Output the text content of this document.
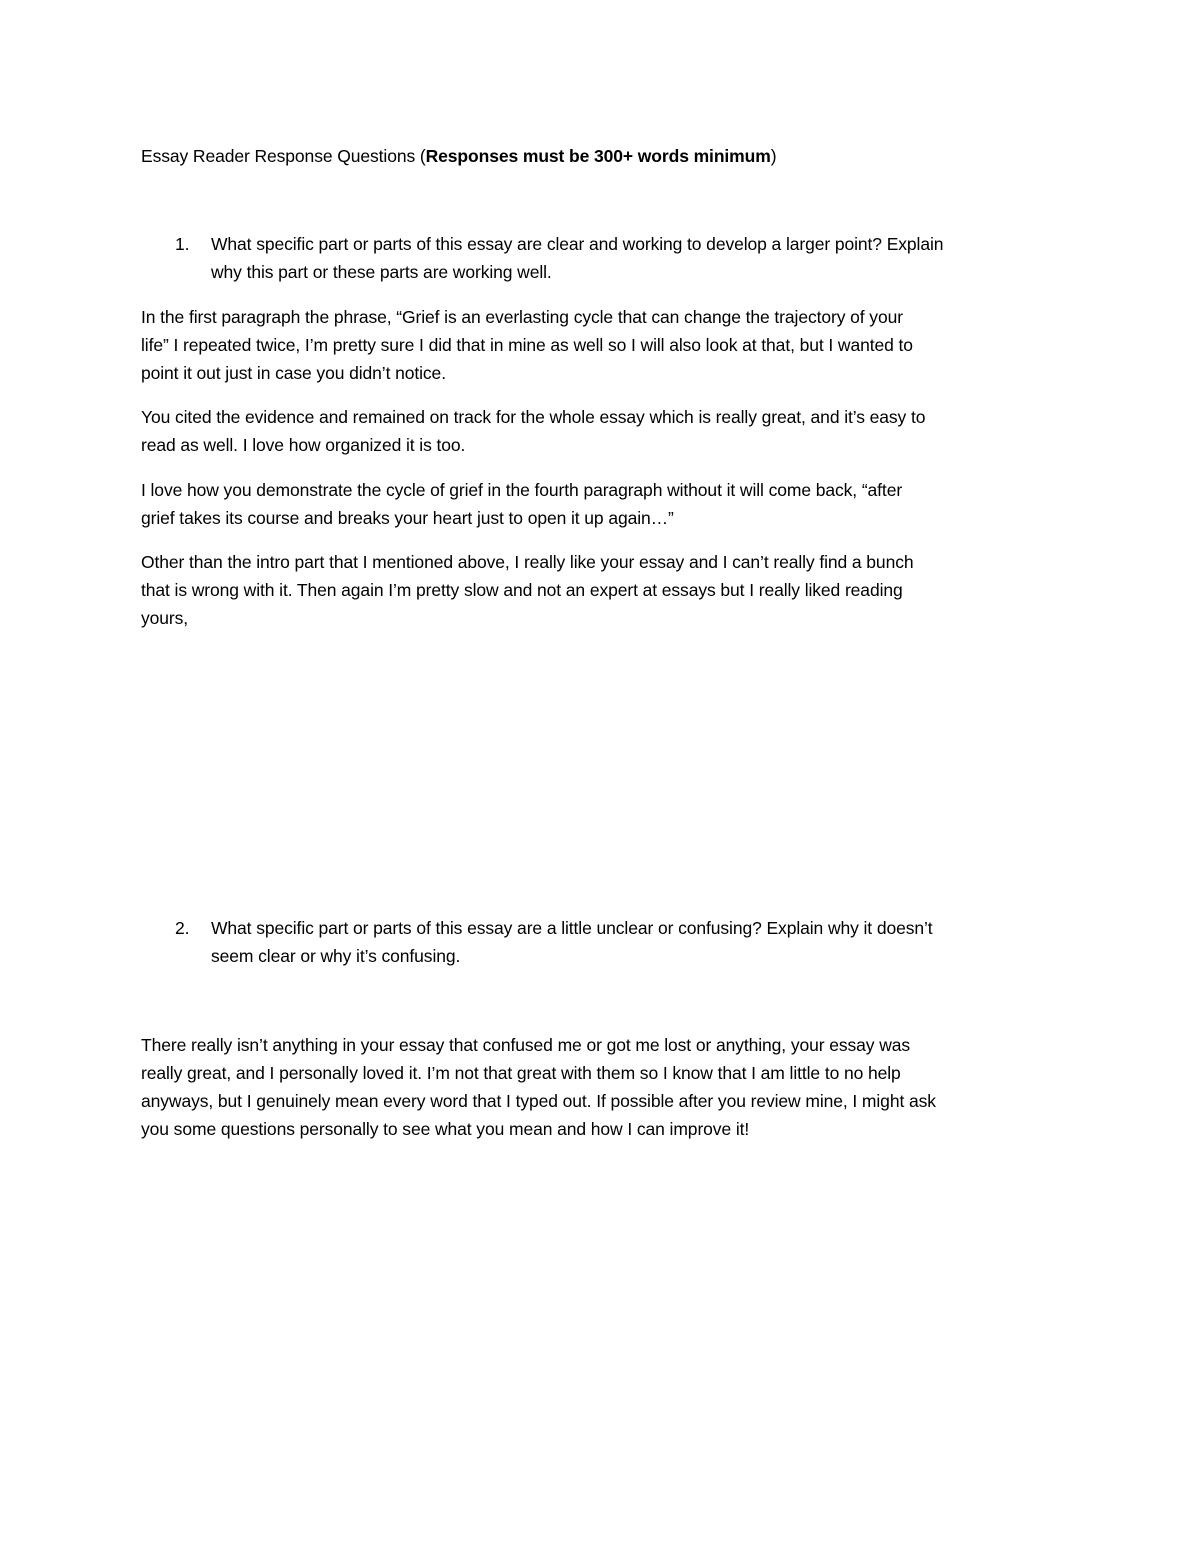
Essay Reader Response Questions (Responses must be 300+ words minimum)
1.	What specific part or parts of this essay are clear and working to develop a larger point? Explain
why this part or these parts are working well.
In the first paragraph the phrase, “Grief is an everlasting cycle that can change the trajectory of your
life” I repeated twice, I’m pretty sure I did that in mine as well so I will also look at that, but I wanted to
point it out just in case you didn’t notice.
You cited the evidence and remained on track for the whole essay which is really great, and it’s easy to
read as well. I love how organized it is too.
I love how you demonstrate the cycle of grief in the fourth paragraph without it will come back, “after
grief takes its course and breaks your heart just to open it up again…”
Other than the intro part that I mentioned above, I really like your essay and I can’t really find a bunch
that is wrong with it. Then again I’m pretty slow and not an expert at essays but I really liked reading
yours,
2.	What specific part or parts of this essay are a little unclear or confusing? Explain why it doesn’t
seem clear or why it’s confusing.
There really isn’t anything in your essay that confused me or got me lost or anything, your essay was
really great, and I personally loved it. I’m not that great with them so I know that I am little to no help
anyways, but I genuinely mean every word that I typed out. If possible after you review mine, I might ask
you some questions personally to see what you mean and how I can improve it!
